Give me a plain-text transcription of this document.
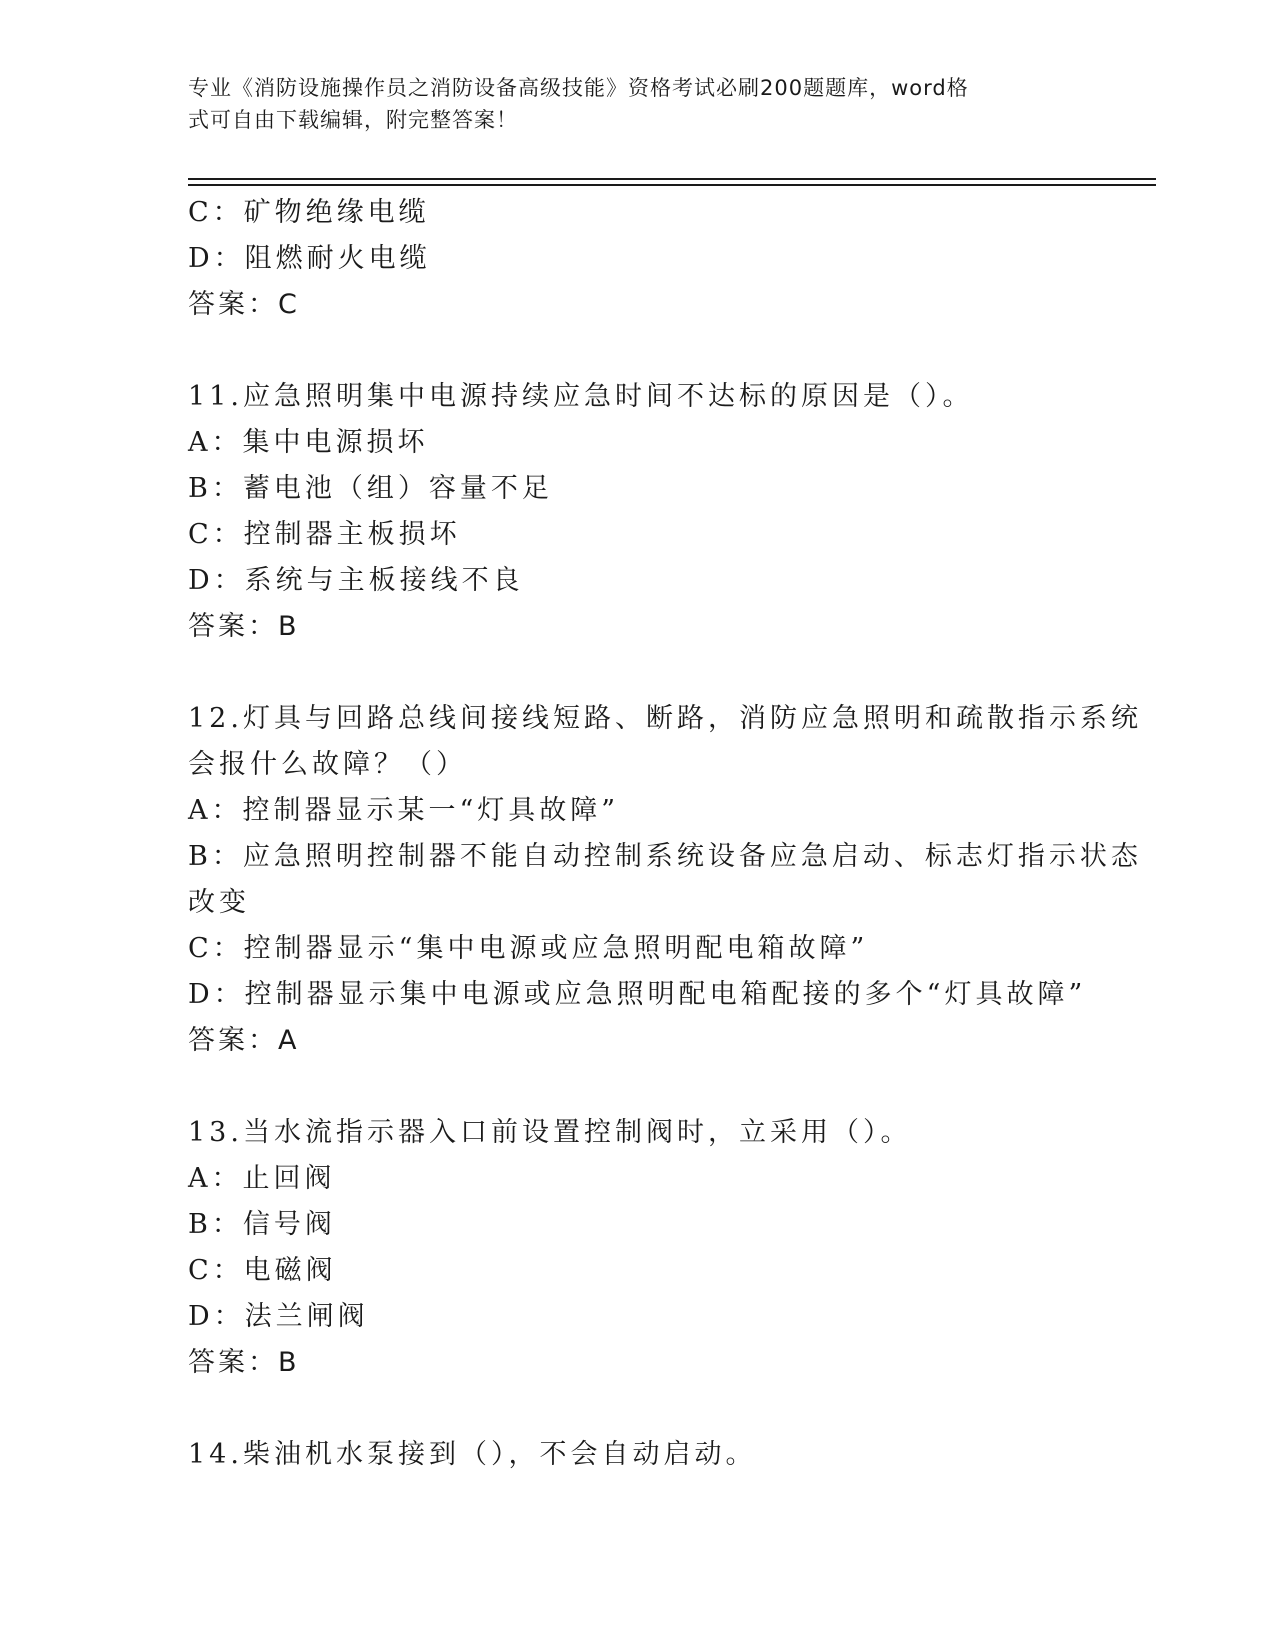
专业《消防设施操作员之消防设备高级技能》资格考试必刷200题题库，word格
式可自由下载编辑，附完整答案！
C：矿物绝缘电缆
D：阻燃耐火电缆
答案：C
11.应急照明集中电源持续应急时间不达标的原因是（）。
A：集中电源损坏
B：蓄电池（组）容量不足
C：控制器主板损坏
D：系统与主板接线不良
答案：B
12.灯具与回路总线间接线短路、断路，消防应急照明和疏散指示系统
会报什么故障？（）
A：控制器显示某一“灯具故障”
B：应急照明控制器不能自动控制系统设备应急启动、标志灯指示状态
改变
C：控制器显示“集中电源或应急照明配电箱故障”
D：控制器显示集中电源或应急照明配电箱配接的多个“灯具故障”
答案：A
13.当水流指示器入口前设置控制阀时，立采用（）。
A：止回阀
B：信号阀
C：电磁阀
D：法兰闸阀
答案：B
14.柴油机水泵接到（），不会自动启动。
